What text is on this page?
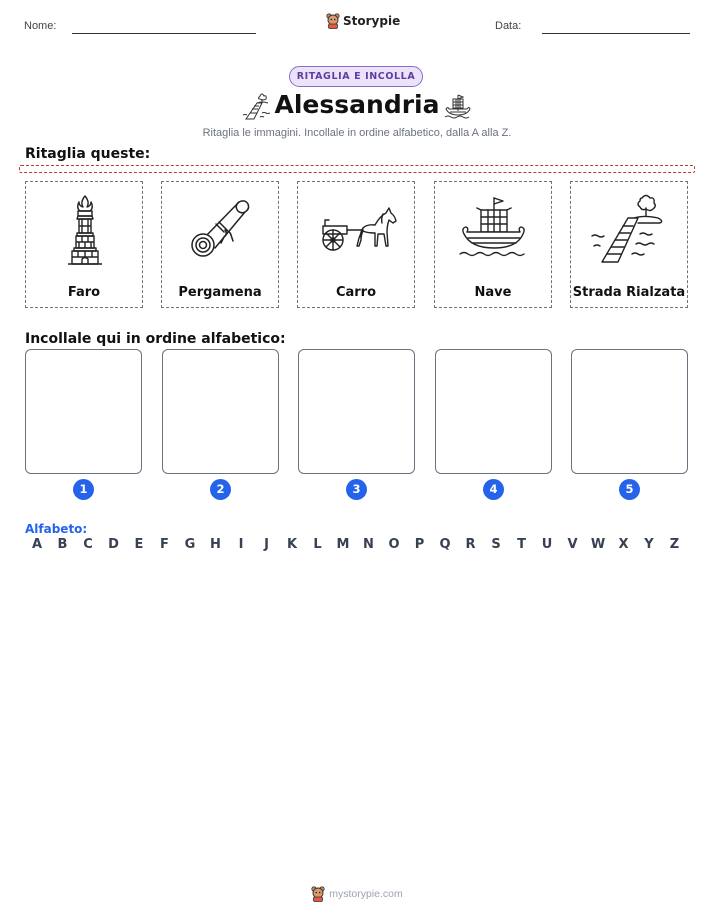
Nome:	Storypie	Data:
RITAGLIA E INCOLLA
Alessandria
Ritaglia le immagini. Incollale in ordine alfabetico, dalla A alla Z.
Ritaglia queste:
Faro	Pergamena	Carro	Nave	Strada Rialzata
Incollale qui in ordine alfabetico:
1	2	3	4	5
Alfabeto:
A	B	C	D	E	F	G	H	I	J	K	L	M	N	O	P	Q	R	S	T	U	V	W	X	Y	Z
mystorypie.com
